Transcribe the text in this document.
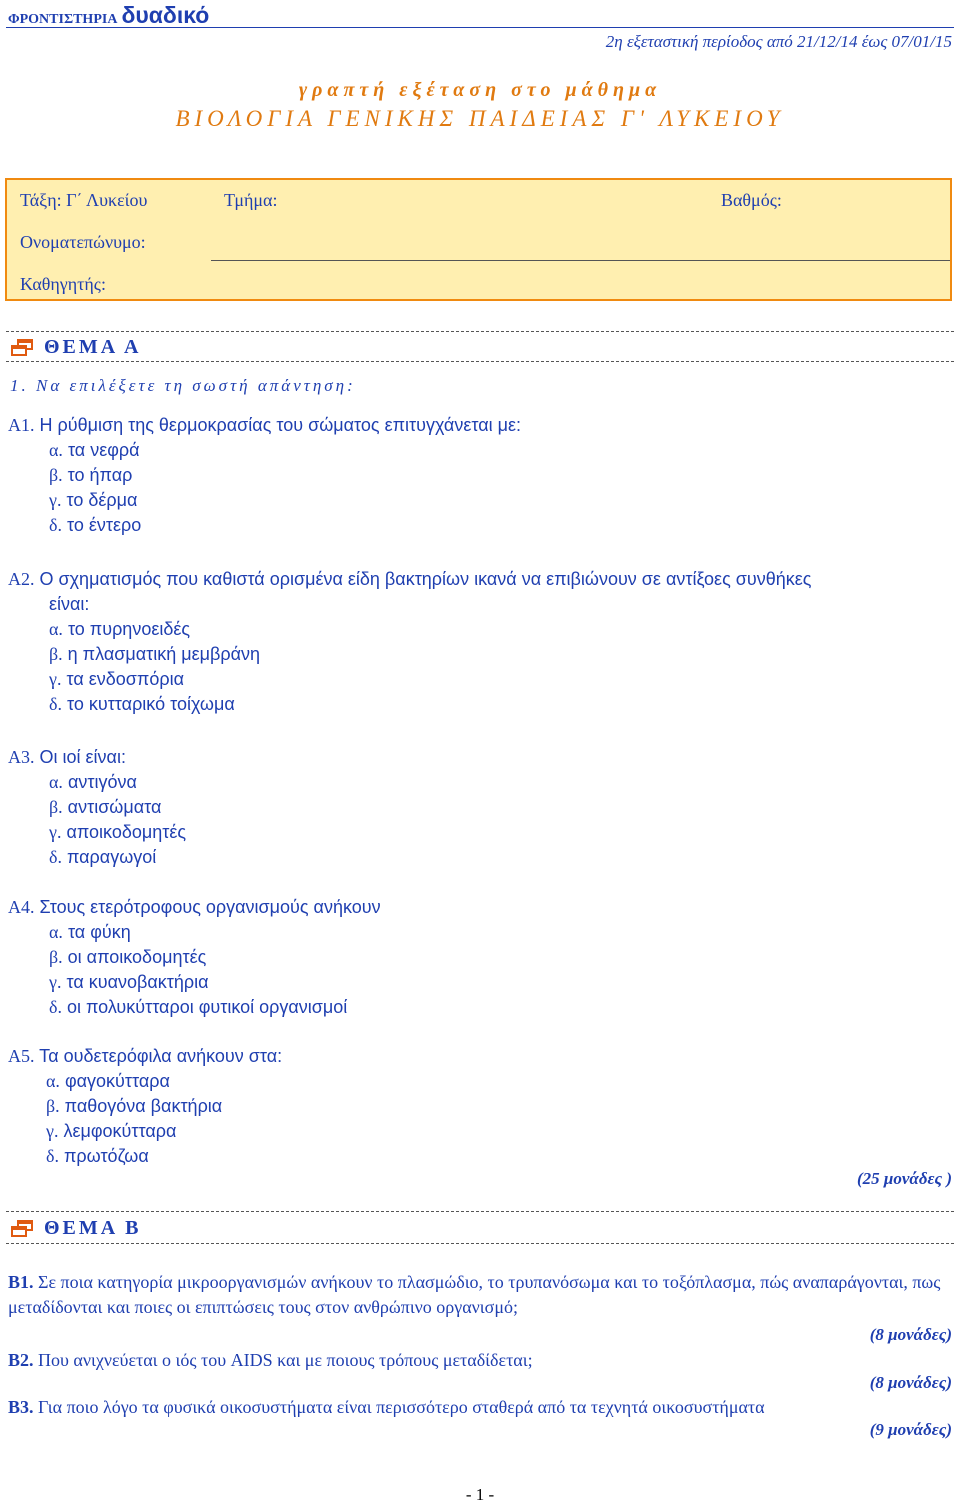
ΦΡΟΝΤΙΣΤΗΡΙΑ δυαδικό
2η εξεταστική περίοδος από 21/12/14 έως 07/01/15
γραπτή εξέταση στο μάθημα
ΒΙΟΛΟΓΙΑ ΓΕΝΙΚΗΣ ΠΑΙΔΕΙΑΣ Γ' ΛΥΚΕΙΟΥ
Τάξη: Γ΄ Λυκείου	Τμήμα:	Βαθμός:
Ονοματεπώνυμο:
Καθηγητής:
ΘΕΜΑ Α
1. Να επιλέξετε τη σωστή απάντηση:
Α1. Η ρύθμιση της θερμοκρασίας του σώματος επιτυγχάνεται με:
α. τα νεφρά
β. το ήπαρ
γ. το δέρμα
δ. το έντερο
Α2. Ο σχηματισμός που καθιστά ορισμένα είδη βακτηρίων ικανά να επιβιώνουν σε αντίξοες συνθήκες
είναι:
α. το πυρηνοειδές
β. η πλασματική μεμβράνη
γ. τα ενδοσπόρια
δ. το κυτταρικό τοίχωμα
Α3. Οι ιοί είναι:
α. αντιγόνα
β. αντισώματα
γ. αποικοδομητές
δ. παραγωγοί
Α4. Στους ετερότροφους οργανισμούς ανήκουν
α. τα φύκη
β. οι αποικοδομητές
γ. τα κυανοβακτήρια
δ. οι πολυκύτταροι φυτικοί οργανισμοί
Α5. Τα ουδετερόφιλα ανήκουν στα:
α. φαγοκύτταρα
β. παθογόνα βακτήρια
γ. λεμφοκύτταρα
δ. πρωτόζωα
(25 μονάδες )
ΘΕΜΑ Β
Β1. Σε ποια κατηγορία μικροοργανισμών ανήκουν το πλασμώδιο, το τρυπανόσωμα και το τοξόπλασμα, πώς αναπαράγονται, πως μεταδίδονται και ποιες οι επιπτώσεις τους στον ανθρώπινο οργανισμό;
(8 μονάδες)
Β2. Που ανιχνεύεται ο ιός του AIDS και με ποιους τρόπους μεταδίδεται;
(8 μονάδες)
Β3. Για ποιο λόγο τα φυσικά οικοσυστήματα είναι περισσότερο σταθερά από τα τεχνητά οικοσυστήματα
(9 μονάδες)
- 1 -
